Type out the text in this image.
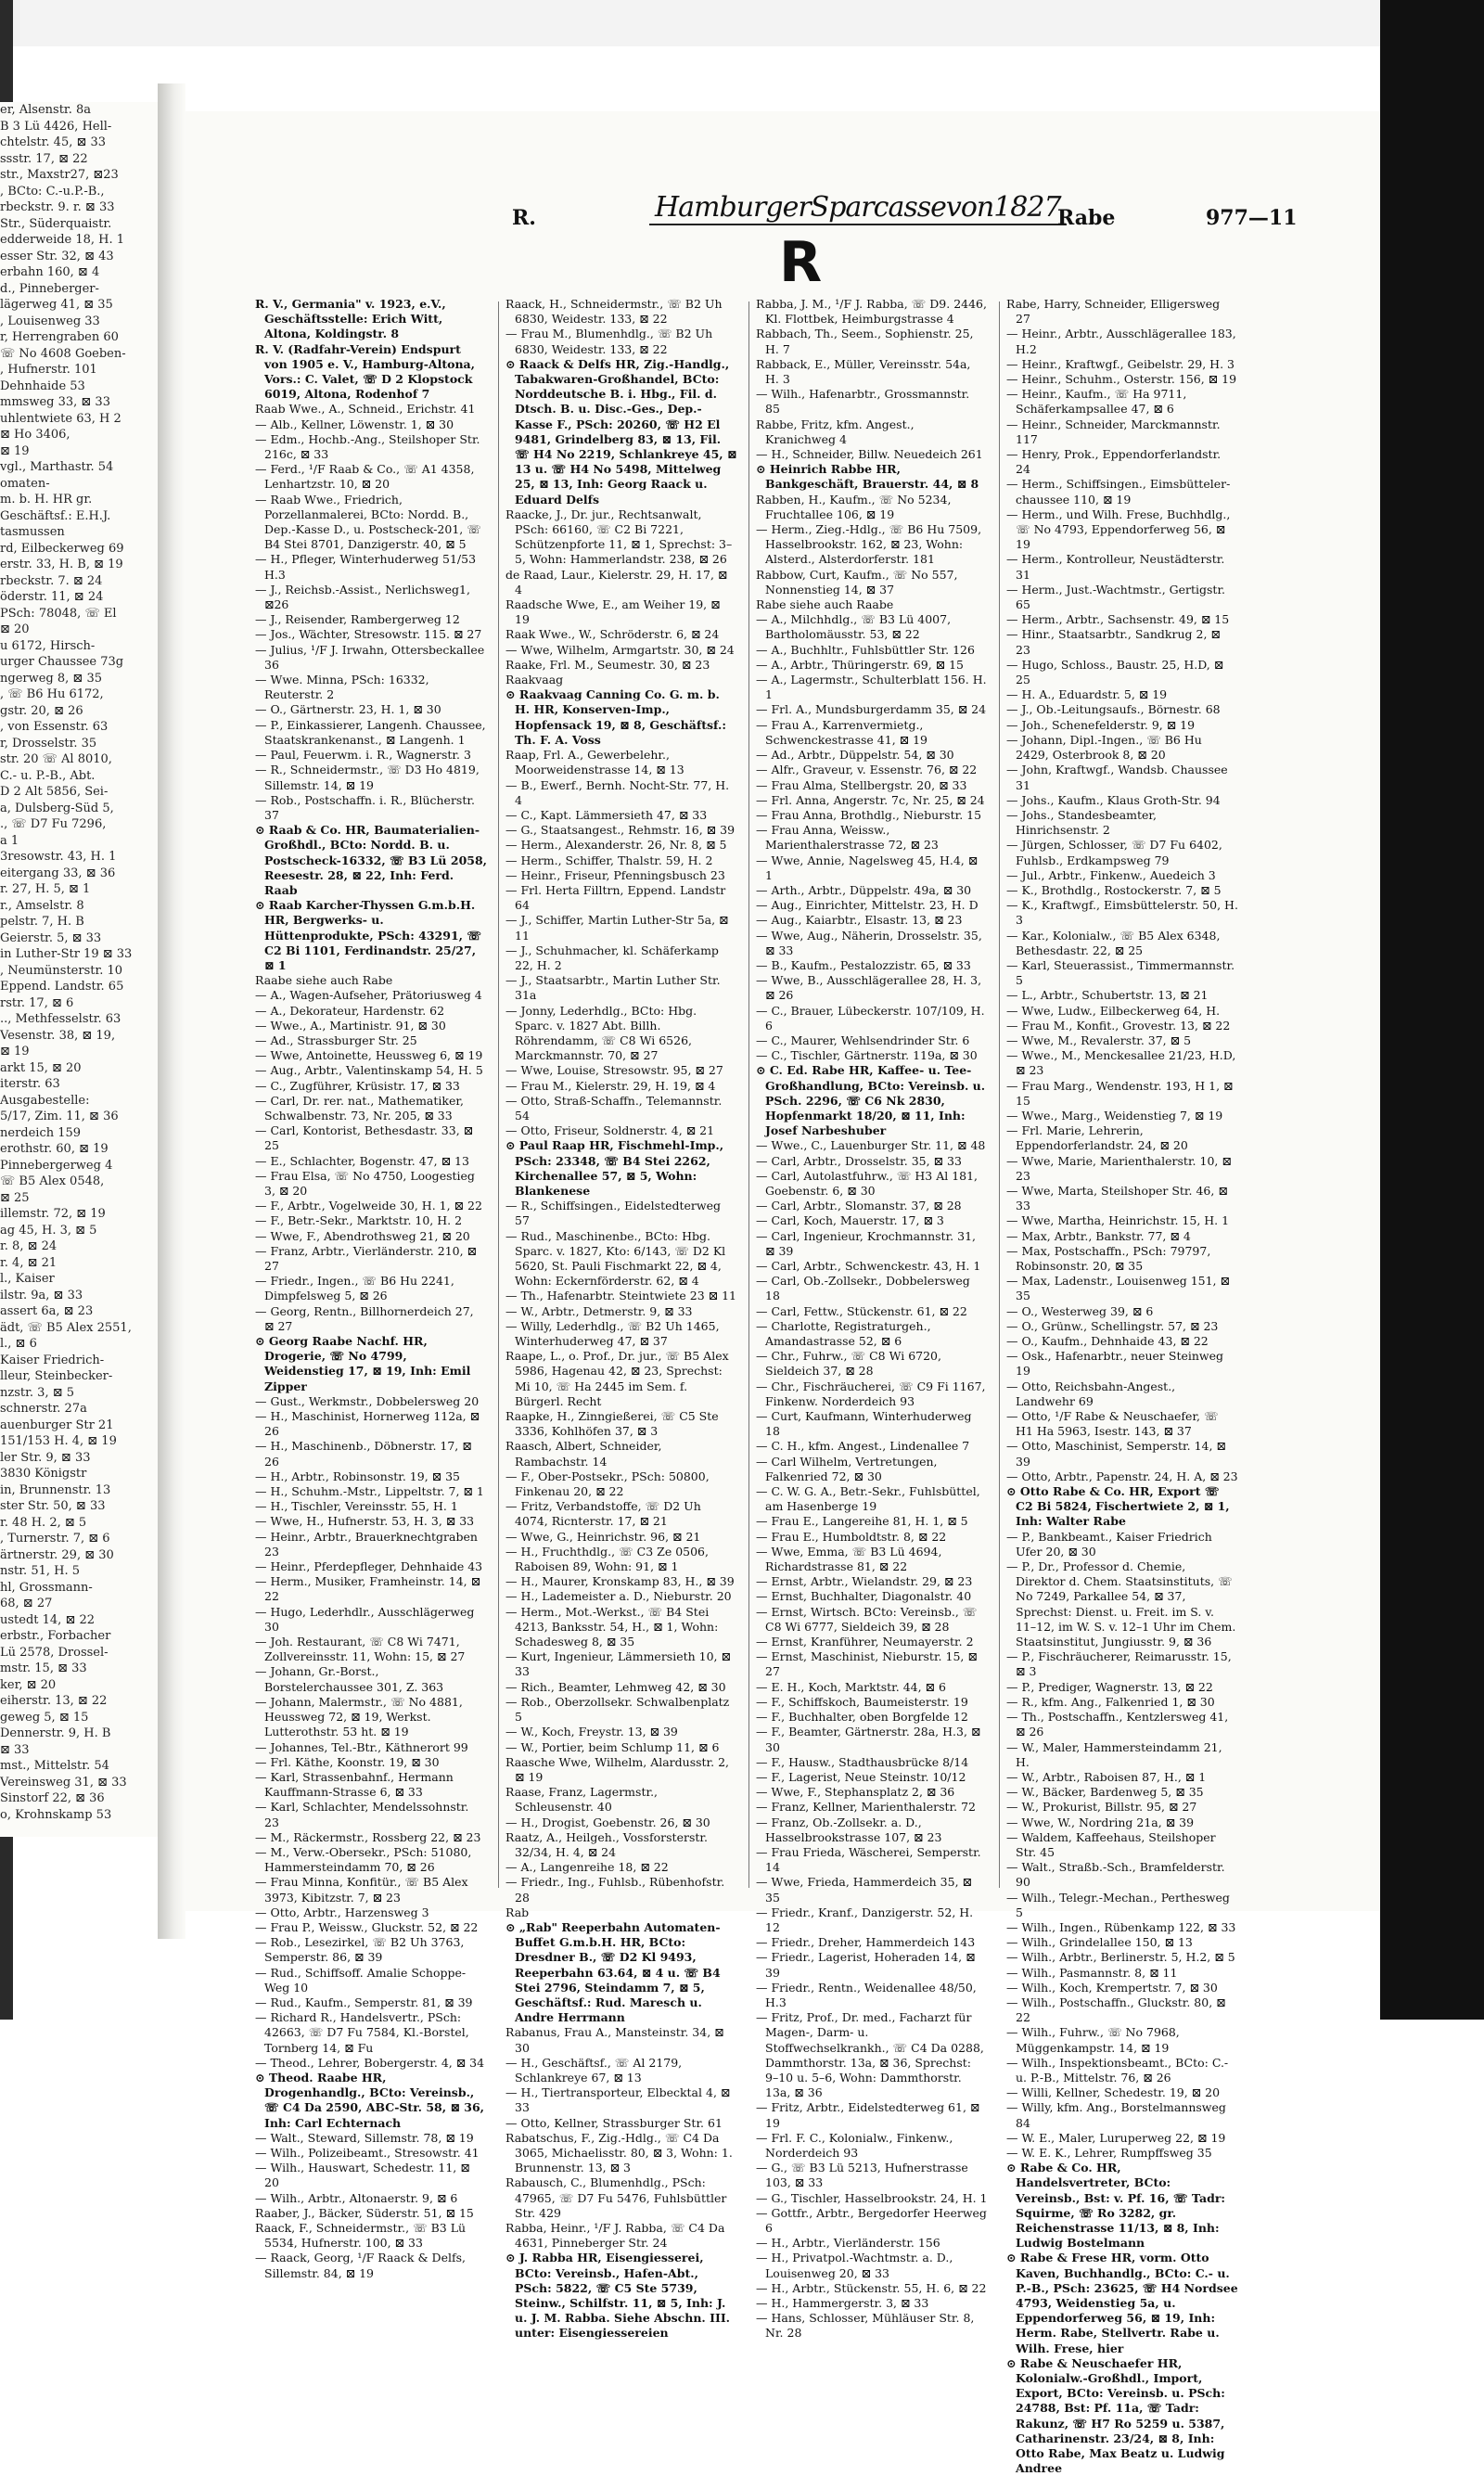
er, Alsenstr. 8a
B 3 Lü 4426, Hell-
chtelstr. 45, ⊠ 33
ssstr. 17, ⊠ 22
str., Maxstr27, ⊠23
, BCto: C.-u.P.-B.,
rbeckstr. 9. r. ⊠ 33
Str., Süderquaistr.
edderweide 18, H. 1
esser Str. 32, ⊠ 43
erbahn 160, ⊠ 4
d., Pinneberger-
lägerweg 41, ⊠ 35
, Louisenweg 33
r, Herrengraben 60
☏ No 4608 Goeben-
, Hufnerstr. 101
Dehnhaide 53
mmsweg 33, ⊠ 33
uhlentwiete 63, H 2
⊠ Ho 3406,
⊠ 19
vgl., Marthastr. 54
omaten-
m. b. H. HR gr.
Geschäftsf.: E.H.J.
tasmussen
rd, Eilbeckerweg 69
erstr. 33, H. B, ⊠ 19
rbeckstr. 7. ⊠ 24
öderstr. 11, ⊠ 24
PSch: 78048, ☏ El
⊠ 20
u 6172, Hirsch-
urger Chaussee 73g
ngerweg 8, ⊠ 35
, ☏ B6 Hu 6172,
gstr. 20, ⊠ 26
, von Essenstr. 63
r, Drosselstr. 35
str. 20 ☏ Al 8010,
C.- u. P.-B., Abt.
D 2 Alt 5856, Sei-
a, Dulsberg-Süd 5,
., ☏ D7 Fu 7296,
a 1
3resowstr. 43, H. 1
eitergang 33, ⊠ 36
r. 27, H. 5, ⊠ 1
r., Amselstr. 8
pelstr. 7, H. B
Geierstr. 5, ⊠ 33
in Luther-Str 19 ⊠ 33
, Neumünsterstr. 10
Eppend. Landstr. 65
rstr. 17, ⊠ 6
.., Methfesselstr. 63
Vesenstr. 38, ⊠ 19,
⊠ 19
arkt 15, ⊠ 20
iterstr. 63
Ausgabestelle:
5/17, Zim. 11, ⊠ 36
nerdeich 159
erothstr. 60, ⊠ 19
Pinnebergerweg 4
☏ B5 Alex 0548,
⊠ 25
illemstr. 72, ⊠ 19
ag 45, H. 3, ⊠ 5
r. 8, ⊠ 24
r. 4, ⊠ 21
l., Kaiser
ilstr. 9a, ⊠ 33
assert 6a, ⊠ 23
ädt, ☏ B5 Alex 2551,
l., ⊠ 6
Kaiser Friedrich-
lleur, Steinbecker-
nzstr. 3, ⊠ 5
schnerstr. 27a
auenburger Str 21
151/153 H. 4, ⊠ 19
ler Str. 9, ⊠ 33
3830 Königstr
in, Brunnenstr. 13
ster Str. 50, ⊠ 33
r. 48 H. 2, ⊠ 5
, Turnerstr. 7, ⊠ 6
ärtnerstr. 29, ⊠ 30
nstr. 51, H. 5
hl, Grossmann-
68, ⊠ 27
ustedt 14, ⊠ 22
erbstr., Forbacher
Lü 2578, Drossel-
mstr. 15, ⊠ 33
ker, ⊠ 20
eiherstr. 13, ⊠ 22
geweg 5, ⊠ 15
Dennerstr. 9, H. B
⊠ 33
mst., Mittelstr. 54
Vereinsweg 31, ⊠ 33
Sinstorf 22, ⊠ 36
o, Krohnskamp 53
R.	HamburgerSparcassevon1827
Rabe	977—11
R

R. V., Germania" v. 1923, e.V., Geschäftsstelle: Erich Witt, Altona, Koldingstr. 8

R. V. (Radfahr-Verein) Endspurt von 1905 e. V., Hamburg-Altona, Vors.: C. Valet, ☏ D 2 Klopstock 6019, Altona, Rodenhof 7

Raab Wwe., A., Schneid., Erichstr. 41

— Alb., Kellner, Löwenstr. 1, ⊠ 30

— Edm., Hochb.-Ang., Steilshoper Str. 216c, ⊠ 33

— Ferd., ¹/F Raab & Co., ☏ A1 4358, Lenhartzstr. 10, ⊠ 20

— Raab Wwe., Friedrich, Porzellanmalerei, BCto: Nordd. B., Dep.-Kasse D., u. Postscheck-201, ☏ B4 Stei 8701, Danzigerstr. 40, ⊠ 5

— H., Pfleger, Winterhuderweg 51/53 H.3

— J., Reichsb.-Assist., Nerlichsweg1, ⊠26

— J., Reisender, Rambergerweg 12

— Jos., Wächter, Stresowstr. 115. ⊠ 27

— Julius, ¹/F J. Irwahn, Ottersbeckallee 36

— Wwe. Minna, PSch: 16332, Reuterstr. 2

— O., Gärtnerstr. 23, H. 1, ⊠ 30

— P., Einkassierer, Langenh. Chaussee, Staatskrankenanst., ⊠ Langenh. 1

— Paul, Feuerwm. i. R., Wagnerstr. 3

— R., Schneidermstr., ☏ D3 Ho 4819, Sillemstr. 14, ⊠ 19

— Rob., Postschaffn. i. R., Blücherstr. 37

⊙ Raab & Co. HR, Baumaterialien-Großhdl., BCto: Nordd. B. u. Postscheck-16332, ☏ B3 Lü 2058, Reesestr. 28, ⊠ 22, Inh: Ferd. Raab

⊙ Raab Karcher-Thyssen G.m.b.H. HR, Bergwerks- u. Hüttenprodukte, PSch: 43291, ☏ C2 Bi 1101, Ferdinandstr. 25/27, ⊠ 1

Raabe siehe auch Rabe

— A., Wagen-Aufseher, Prätoriusweg 4

— A., Dekorateur, Hardenstr. 62

— Wwe., A., Martinistr. 91, ⊠ 30

— Ad., Strassburger Str. 25

— Wwe, Antoinette, Heussweg 6, ⊠ 19

— Aug., Arbtr., Valentinskamp 54, H. 5

— C., Zugführer, Krüsistr. 17, ⊠ 33

— Carl, Dr. rer. nat., Mathematiker, Schwalbenstr. 73, Nr. 205, ⊠ 33

— Carl, Kontorist, Bethesdastr. 33, ⊠ 25

— E., Schlachter, Bogenstr. 47, ⊠ 13

— Frau Elsa, ☏ No 4750, Loogestieg 3, ⊠ 20

— F., Arbtr., Vogelweide 30, H. 1, ⊠ 22

— F., Betr.-Sekr., Marktstr. 10, H. 2

— Wwe, F., Abendrothsweg 21, ⊠ 20

— Franz, Arbtr., Vierländerstr. 210, ⊠ 27

— Friedr., Ingen., ☏ B6 Hu 2241, Dimpfelsweg 5, ⊠ 26

— Georg, Rentn., Billhornerdeich 27, ⊠ 27

⊙ Georg Raabe Nachf. HR, Drogerie, ☏ No 4799, Weidenstieg 17, ⊠ 19, Inh: Emil Zipper

— Gust., Werkmstr., Dobbelersweg 20

— H., Maschinist, Hornerweg 112a, ⊠ 26

— H., Maschinenb., Döbnerstr. 17, ⊠ 26

— H., Arbtr., Robinsonstr. 19, ⊠ 35

— H., Schuhm.-Mstr., Lippeltstr. 7, ⊠ 1

— H., Tischler, Vereinsstr. 55, H. 1

— Wwe, H., Hufnerstr. 53, H. 3, ⊠ 33

— Heinr., Arbtr., Brauerknechtgraben 23

— Heinr., Pferdepfleger, Dehnhaide 43

— Herm., Musiker, Framheinstr. 14, ⊠ 22

— Hugo, Lederhdlr., Ausschlägerweg 30

— Joh. Restaurant, ☏ C8 Wi 7471, Zollvereinsstr. 11, Wohn: 15, ⊠ 27

— Johann, Gr.-Borst., Borstelerchaussee 301, Z. 363

— Johann, Malermstr., ☏ No 4881, Heussweg 72, ⊠ 19, Werkst. Lutterothstr. 53 ht. ⊠ 19

— Johannes, Tel.-Btr., Käthnerort 99

— Frl. Käthe, Koonstr. 19, ⊠ 30

— Karl, Strassenbahnf., Hermann Kauffmann-Strasse 6, ⊠ 33

— Karl, Schlachter, Mendelssohnstr. 23

— M., Räckermstr., Rossberg 22, ⊠ 23

— M., Verw.-Obersekr., PSch: 51080, Hammersteindamm 70, ⊠ 26

— Frau Minna, Konfitür., ☏ B5 Alex 3973, Kibitzstr. 7, ⊠ 23

— Otto, Arbtr., Harzensweg 3

— Frau P., Weissw., Gluckstr. 52, ⊠ 22

— Rob., Lesezirkel, ☏ B2 Uh 3763, Semperstr. 86, ⊠ 39

— Rud., Schiffsoff. Amalie Schoppe-Weg 10

— Rud., Kaufm., Semperstr. 81, ⊠ 39

— Richard R., Handelsvertr., PSch: 42663, ☏ D7 Fu 7584, Kl.-Borstel, Tornberg 14, ⊠ Fu

— Theod., Lehrer, Bobergerstr. 4, ⊠ 34

⊙ Theod. Raabe HR, Drogenhandlg., BCto: Vereinsb., ☏ C4 Da 2590, ABC-Str. 58, ⊠ 36, Inh: Carl Echternach

— Walt., Steward, Sillemstr. 78, ⊠ 19

— Wilh., Polizeibeamt., Stresowstr. 41

— Wilh., Hauswart, Schedestr. 11, ⊠ 20

— Wilh., Arbtr., Altonaerstr. 9, ⊠ 6

Raaber, J., Bäcker, Süderstr. 51, ⊠ 15

Raack, F., Schneidermstr., ☏ B3 Lü 5534, Hufnerstr. 100, ⊠ 33

— Raack, Georg, ¹/F Raack & Delfs, Sillemstr. 84, ⊠ 19

Raack, H., Schneidermstr., ☏ B2 Uh 6830, Weidestr. 133, ⊠ 22

— Frau M., Blumenhdlg., ☏ B2 Uh 6830, Weidestr. 133, ⊠ 22

⊙ Raack & Delfs HR, Zig.-Handlg., Tabakwaren-Großhandel, BCto: Norddeutsche B. i. Hbg., Fil. d. Dtsch. B. u. Disc.-Ges., Dep.-Kasse F., PSch: 20260, ☏ H2 El 9481, Grindelberg 83, ⊠ 13, Fil. ☏ H4 No 2219, Schlankreye 45, ⊠ 13 u. ☏ H4 No 5498, Mittelweg 25, ⊠ 13, Inh: Georg Raack u. Eduard Delfs

Raacke, J., Dr. jur., Rechtsanwalt, PSch: 66160, ☏ C2 Bi 7221, Schützenpforte 11, ⊠ 1, Sprechst: 3–5, Wohn: Hammerlandstr. 238, ⊠ 26

de Raad, Laur., Kielerstr. 29, H. 17, ⊠ 4

Raadsche Wwe, E., am Weiher 19, ⊠ 19

Raak Wwe., W., Schröderstr. 6, ⊠ 24

— Wwe, Wilhelm, Armgartstr. 30, ⊠ 24

Raake, Frl. M., Seumestr. 30, ⊠ 23

Raakvaag

⊙ Raakvaag Canning Co. G. m. b. H. HR, Konserven-Imp., Hopfensack 19, ⊠ 8, Geschäftsf.: Th. F. A. Voss

Raap, Frl. A., Gewerbelehr., Moorweidenstrasse 14, ⊠ 13

— B., Ewerf., Bernh. Nocht-Str. 77, H. 4

— C., Kapt. Lämmersieth 47, ⊠ 33

— G., Staatsangest., Rehmstr. 16, ⊠ 39

— Herm., Alexanderstr. 26, Nr. 8, ⊠ 5

— Herm., Schiffer, Thalstr. 59, H. 2

— Heinr., Friseur, Pfenningsbusch 23

— Frl. Herta Filltrn, Eppend. Landstr 64

— J., Schiffer, Martin Luther-Str 5a, ⊠ 11

— J., Schuhmacher, kl. Schäferkamp 22, H. 2

— J., Staatsarbtr., Martin Luther Str. 31a

— Jonny, Lederhdlg., BCto: Hbg. Sparc. v. 1827 Abt. Billh. Röhrendamm, ☏ C8 Wi 6526, Marckmannstr. 70, ⊠ 27

— Wwe, Louise, Stresowstr. 95, ⊠ 27

— Frau M., Kielerstr. 29, H. 19, ⊠ 4

— Otto, Straß-Schaffn., Telemannstr. 54

— Otto, Friseur, Soldnerstr. 4, ⊠ 21

⊙ Paul Raap HR, Fischmehl-Imp., PSch: 23348, ☏ B4 Stei 2262, Kirchenallee 57, ⊠ 5, Wohn: Blankenese

— R., Schiffsingen., Eidelstedterweg 57

— Rud., Maschinenbe., BCto: Hbg. Sparc. v. 1827, Kto: 6/143, ☏ D2 Kl 5620, St. Pauli Fischmarkt 22, ⊠ 4, Wohn: Eckernförderstr. 62, ⊠ 4

— Th., Hafenarbtr. Steintwiete 23 ⊠ 11

— W., Arbtr., Detmerstr. 9, ⊠ 33

— Willy, Lederhdlg., ☏ B2 Uh 1465, Winterhuderweg 47, ⊠ 37

Raape, L., o. Prof., Dr. jur., ☏ B5 Alex 5986, Hagenau 42, ⊠ 23, Sprechst: Mi 10, ☏ Ha 2445 im Sem. f. Bürgerl. Recht

Raapke, H., Zinngießerei, ☏ C5 Ste 3336, Kohlhöfen 37, ⊠ 3

Raasch, Albert, Schneider, Rambachstr. 14

— F., Ober-Postsekr., PSch: 50800, Finkenau 20, ⊠ 22

— Fritz, Verbandstoffe, ☏ D2 Uh 4074, Ricnterstr. 17, ⊠ 21

— Wwe, G., Heinrichstr. 96, ⊠ 21

— H., Fruchthdlg., ☏ C3 Ze 0506, Raboisen 89, Wohn: 91, ⊠ 1

— H., Maurer, Kronskamp 83, H., ⊠ 39

— H., Lademeister a. D., Nieburstr. 20

— Herm., Mot.-Werkst., ☏ B4 Stei 4213, Banksstr. 54, H., ⊠ 1, Wohn: Schadesweg 8, ⊠ 35

— Kurt, Ingenieur, Lämmersieth 10, ⊠ 33

— Rich., Beamter, Lehmweg 42, ⊠ 30

— Rob., Oberzollsekr. Schwalbenplatz 5

— W., Koch, Freystr. 13, ⊠ 39

— W., Portier, beim Schlump 11, ⊠ 6

Raasche Wwe, Wilhelm, Alardusstr. 2, ⊠ 19

Raase, Franz, Lagermstr., Schleusenstr. 40

— H., Drogist, Goebenstr. 26, ⊠ 30

Raatz, A., Heilgeh., Vossforsterstr. 32/34, H. 4, ⊠ 24

— A., Langenreihe 18, ⊠ 22

— Friedr., Ing., Fuhlsb., Rübenhofstr. 28

Rab

⊙ „Rab" Reeperbahn Automaten-Buffet G.m.b.H. HR, BCto: Dresdner B., ☏ D2 Kl 9493, Reeperbahn 63.64, ⊠ 4 u. ☏ B4 Stei 2796, Steindamm 7, ⊠ 5, Geschäftsf.: Rud. Maresch u. Andre Herrmann

Rabanus, Frau A., Mansteinstr. 34, ⊠ 30

— H., Geschäftsf., ☏ Al 2179, Schlankreye 67, ⊠ 13

— H., Tiertransporteur, Elbecktal 4, ⊠ 33

— Otto, Kellner, Strassburger Str. 61

Rabatschus, F., Zig.-Hdlg., ☏ C4 Da 3065, Michaelisstr. 80, ⊠ 3, Wohn: 1. Brunnenstr. 13, ⊠ 3

Rabausch, C., Blumenhdlg., PSch: 47965, ☏ D7 Fu 5476, Fuhlsbüttler Str. 429

Rabba, Heinr., ¹/F J. Rabba, ☏ C4 Da 4631, Pinneberger Str. 24

⊙ J. Rabba HR, Eisengiesserei, BCto: Vereinsb., Hafen-Abt., PSch: 5822, ☏ C5 Ste 5739, Steinw., Schilfstr. 11, ⊠ 5, Inh: J. u. J. M. Rabba. Siehe Abschn. III. unter: Eisengiessereien

Rabba, J. M., ¹/F J. Rabba, ☏ D9. 2446, Kl. Flottbek, Heimburgstrasse 4

Rabbach, Th., Seem., Sophienstr. 25, H. 7

Rabback, E., Müller, Vereinsstr. 54a, H. 3

— Wilh., Hafenarbtr., Grossmannstr. 85

Rabbe, Fritz, kfm. Angest., Kranichweg 4

— H., Schneider, Billw. Neuedeich 261

⊙ Heinrich Rabbe HR, Bankgeschäft, Brauerstr. 44, ⊠ 8

Rabben, H., Kaufm., ☏ No 5234, Fruchtallee 106, ⊠ 19

— Herm., Zieg.-Hdlg., ☏ B6 Hu 7509, Hasselbrookstr. 162, ⊠ 23, Wohn: Alsterd., Alsterdorferstr. 181

Rabbow, Curt, Kaufm., ☏ No 557, Nonnenstieg 14, ⊠ 37

Rabe siehe auch Raabe

— A., Milchhdlg., ☏ B3 Lü 4007, Bartholomäusstr. 53, ⊠ 22

— A., Buchhltr., Fuhlsbüttler Str. 126

— A., Arbtr., Thüringerstr. 69, ⊠ 15

— A., Lagermstr., Schulterblatt 156. H. 1

— Frl. A., Mundsburgerdamm 35, ⊠ 24

— Frau A., Karrenvermietg., Schwenckestrasse 41, ⊠ 19

— Ad., Arbtr., Düppelstr. 54, ⊠ 30

— Alfr., Graveur, v. Essenstr. 76, ⊠ 22

— Frau Alma, Stellbergstr. 20, ⊠ 33

— Frl. Anna, Angerstr. 7c, Nr. 25, ⊠ 24

— Frau Anna, Brothdlg., Nieburstr. 15

— Frau Anna, Weissw., Marienthalerstrasse 72, ⊠ 23

— Wwe, Annie, Nagelsweg 45, H.4, ⊠ 1

— Arth., Arbtr., Düppelstr. 49a, ⊠ 30

— Aug., Einrichter, Mittelstr. 23, H. D

— Aug., Kaiarbtr., Elsastr. 13, ⊠ 23

— Wwe, Aug., Näherin, Drosselstr. 35, ⊠ 33

— B., Kaufm., Pestalozzistr. 65, ⊠ 33

— Wwe, B., Ausschlägerallee 28, H. 3, ⊠ 26

— C., Brauer, Lübeckerstr. 107/109, H. 6

— C., Maurer, Wehlsendrinder Str. 6

— C., Tischler, Gärtnerstr. 119a, ⊠ 30

⊙ C. Ed. Rabe HR, Kaffee- u. Tee-Großhandlung, BCto: Vereinsb. u. PSch. 2296, ☏ C6 Nk 2830, Hopfenmarkt 18/20, ⊠ 11, Inh: Josef Narbeshuber

— Wwe., C., Lauenburger Str. 11, ⊠ 48

— Carl, Arbtr., Drosselstr. 35, ⊠ 33

— Carl, Autolastfuhrw., ☏ H3 Al 181, Goebenstr. 6, ⊠ 30

— Carl, Arbtr., Slomanstr. 37, ⊠ 28

— Carl, Koch, Mauerstr. 17, ⊠ 3

— Carl, Ingenieur, Krochmannstr. 31, ⊠ 39

— Carl, Arbtr., Schwenckestr. 43, H. 1

— Carl, Ob.-Zollsekr., Dobbelersweg 18

— Carl, Fettw., Stückenstr. 61, ⊠ 22

— Charlotte, Registraturgeh., Amandastrasse 52, ⊠ 6

— Chr., Fuhrw., ☏ C8 Wi 6720, Sieldeich 37, ⊠ 28

— Chr., Fischräucherei, ☏ C9 Fi 1167, Finkenw. Norderdeich 93

— Curt, Kaufmann, Winterhuderweg 18

— C. H., kfm. Angest., Lindenallee 7

— Carl Wilhelm, Vertretungen, Falkenried 72, ⊠ 30

— C. W. G. A., Betr.-Sekr., Fuhlsbüttel, am Hasenberge 19

— Frau E., Langereihe 81, H. 1, ⊠ 5

— Frau E., Humboldtstr. 8, ⊠ 22

— Wwe, Emma, ☏ B3 Lü 4694, Richardstrasse 81, ⊠ 22

— Ernst, Arbtr., Wielandstr. 29, ⊠ 23

— Ernst, Buchhalter, Diagonalstr. 40

— Ernst, Wirtsch. BCto: Vereinsb., ☏ C8 Wi 6777, Sieldeich 39, ⊠ 28

— Ernst, Kranführer, Neumayerstr. 2

— Ernst, Maschinist, Nieburstr. 15, ⊠ 27

— E. H., Koch, Marktstr. 44, ⊠ 6

— F., Schiffskoch, Baumeisterstr. 19

— F., Buchhalter, oben Borgfelde 12

— F., Beamter, Gärtnerstr. 28a, H.3, ⊠ 30

— F., Hausw., Stadthausbrücke 8/14

— F., Lagerist, Neue Steinstr. 10/12

— Wwe, F., Stephansplatz 2, ⊠ 36

— Franz, Kellner, Marienthalerstr. 72

— Franz, Ob.-Zollsekr. a. D., Hasselbrookstrasse 107, ⊠ 23

— Frau Frieda, Wäscherei, Semperstr. 14

— Wwe, Frieda, Hammerdeich 35, ⊠ 35

— Friedr., Kranf., Danzigerstr. 52, H. 12

— Friedr., Dreher, Hammerdeich 143

— Friedr., Lagerist, Hoheraden 14, ⊠ 39

— Friedr., Rentn., Weidenallee 48/50, H.3

— Fritz, Prof., Dr. med., Facharzt für Magen-, Darm- u. Stoffwechselkrankh., ☏ C4 Da 0288, Dammthorstr. 13a, ⊠ 36, Sprechst: 9–10 u. 5–6, Wohn: Dammthorstr. 13a, ⊠ 36

— Fritz, Arbtr., Eidelstedterweg 61, ⊠ 19

— Frl. F. C., Kolonialw., Finkenw., Norderdeich 93

— G., ☏ B3 Lü 5213, Hufnerstrasse 103, ⊠ 33

— G., Tischler, Hasselbrookstr. 24, H. 1

— Gottfr., Arbtr., Bergedorfer Heerweg 6

— H., Arbtr., Vierländerstr. 156

— H., Privatpol.-Wachtmstr. a. D., Louisenweg 20, ⊠ 33

— H., Arbtr., Stückenstr. 55, H. 6, ⊠ 22

— H., Hammergerstr. 3, ⊠ 33

— Hans, Schlosser, Mühläuser Str. 8, Nr. 28

Rabe, Harry, Schneider, Elligersweg 27

— Heinr., Arbtr., Ausschlägerallee 183, H.2

— Heinr., Kraftwgf., Geibelstr. 29, H. 3

— Heinr., Schuhm., Osterstr. 156, ⊠ 19

— Heinr., Kaufm., ☏ Ha 9711, Schäferkampsallee 47, ⊠ 6

— Heinr., Schneider, Marckmannstr. 117

— Henry, Prok., Eppendorferlandstr. 24

— Herm., Schiffsingen., Eimsbütteler-chaussee 110, ⊠ 19

— Herm., und Wilh. Frese, Buchhdlg., ☏ No 4793, Eppendorferweg 56, ⊠ 19

— Herm., Kontrolleur, Neustädterstr. 31

— Herm., Just.-Wachtmstr., Gertigstr. 65

— Herm., Arbtr., Sachsenstr. 49, ⊠ 15

— Hinr., Staatsarbtr., Sandkrug 2, ⊠ 23

— Hugo, Schloss., Baustr. 25, H.D, ⊠ 25

— H. A., Eduardstr. 5, ⊠ 19

— J., Ob.-Leitungsaufs., Börnestr. 68

— Joh., Schenefelderstr. 9, ⊠ 19

— Johann, Dipl.-Ingen., ☏ B6 Hu 2429, Osterbrook 8, ⊠ 20

— John, Kraftwgf., Wandsb. Chaussee 31

— Johs., Kaufm., Klaus Groth-Str. 94

— Johs., Standesbeamter, Hinrichsenstr. 2

— Jürgen, Schlosser, ☏ D7 Fu 6402, Fuhlsb., Erdkampsweg 79

— Jul., Arbtr., Finkenw., Auedeich 3

— K., Brothdlg., Rostockerstr. 7, ⊠ 5

— K., Kraftwgf., Eimsbüttelerstr. 50, H. 3

— Kar., Kolonialw., ☏ B5 Alex 6348, Bethesdastr. 22, ⊠ 25

— Karl, Steuerassist., Timmermannstr. 5

— L., Arbtr., Schubertstr. 13, ⊠ 21

— Wwe, Ludw., Eilbeckerweg 64, H.

— Frau M., Konfit., Grovestr. 13, ⊠ 22

— Wwe, M., Revalerstr. 37, ⊠ 5

— Wwe., M., Menckesallee 21/23, H.D, ⊠ 23

— Frau Marg., Wendenstr. 193, H 1, ⊠ 15

— Wwe., Marg., Weidenstieg 7, ⊠ 19

— Frl. Marie, Lehrerin, Eppendorferlandstr. 24, ⊠ 20

— Wwe, Marie, Marienthalerstr. 10, ⊠ 23

— Wwe, Marta, Steilshoper Str. 46, ⊠ 33

— Wwe, Martha, Heinrichstr. 15, H. 1

— Max, Arbtr., Bankstr. 77, ⊠ 4

— Max, Postschaffn., PSch: 79797, Robinsonstr. 20, ⊠ 35

— Max, Ladenstr., Louisenweg 151, ⊠ 35

— O., Westerweg 39, ⊠ 6

— O., Grünw., Schellingstr. 57, ⊠ 23

— O., Kaufm., Dehnhaide 43, ⊠ 22

— Osk., Hafenarbtr., neuer Steinweg 19

— Otto, Reichsbahn-Angest., Landwehr 69

— Otto, ¹/F Rabe & Neuschaefer, ☏ H1 Ha 5963, Isestr. 143, ⊠ 37

— Otto, Maschinist, Semperstr. 14, ⊠ 39

— Otto, Arbtr., Papenstr. 24, H. A, ⊠ 23

⊙ Otto Rabe & Co. HR, Export ☏ C2 Bi 5824, Fischertwiete 2, ⊠ 1, Inh: Walter Rabe

— P., Bankbeamt., Kaiser Friedrich Ufer 20, ⊠ 30

— P., Dr., Professor d. Chemie, Direktor d. Chem. Staatsinstituts, ☏ No 7249, Parkallee 54, ⊠ 37, Sprechst: Dienst. u. Freit. im S. v. 11–12, im W. S. v. 12–1 Uhr im Chem. Staatsinstitut, Jungiusstr. 9, ⊠ 36

— P., Fischräucherer, Reimarusstr. 15, ⊠ 3

— P., Prediger, Wagnerstr. 13, ⊠ 22

— R., kfm. Ang., Falkenried 1, ⊠ 30

— Th., Postschaffn., Kentzlersweg 41, ⊠ 26

— W., Maler, Hammersteindamm 21, H.

— W., Arbtr., Raboisen 87, H., ⊠ 1

— W., Bäcker, Bardenweg 5, ⊠ 35

— W., Prokurist, Billstr. 95, ⊠ 27

— Wwe, W., Nordring 21a, ⊠ 39

— Waldem, Kaffeehaus, Steilshoper Str. 45

— Walt., Straßb.-Sch., Bramfelderstr. 90

— Wilh., Telegr.-Mechan., Perthesweg 5

— Wilh., Ingen., Rübenkamp 122, ⊠ 33

— Wilh., Grindelallee 150, ⊠ 13

— Wilh., Arbtr., Berlinerstr. 5, H.2, ⊠ 5

— Wilh., Pasmannstr. 8, ⊠ 11

— Wilh., Koch, Krempertstr. 7, ⊠ 30

— Wilh., Postschaffn., Gluckstr. 80, ⊠ 22

— Wilh., Fuhrw., ☏ No 7968, Müggenkampstr. 14, ⊠ 19

— Wilh., Inspektionsbeamt., BCto: C.- u. P.-B., Mittelstr. 76, ⊠ 26

— Willi, Kellner, Schedestr. 19, ⊠ 20

— Willy, kfm. Ang., Borstelmannsweg 84

— W. E., Maler, Luruperweg 22, ⊠ 19

— W. E. K., Lehrer, Rumpffsweg 35

⊙ Rabe & Co. HR, Handelsvertreter, BCto: Vereinsb., Bst: v. Pf. 16, ☏ Tadr: Squirme, ☏ Ro 3282, gr. Reichenstrasse 11/13, ⊠ 8, Inh: Ludwig Bostelmann

⊙ Rabe & Frese HR, vorm. Otto Kaven, Buchhandlg., BCto: C.- u. P.-B., PSch: 23625, ☏ H4 Nordsee 4793, Weidenstieg 5a, u. Eppendorferweg 56, ⊠ 19, Inh: Herm. Rabe, Stellvertr. Rabe u. Wilh. Frese, hier

⊙ Rabe & Neuschaefer HR, Kolonialw.-Großhdl., Import, Export, BCto: Vereinsb. u. PSch: 24788, Bst: Pf. 11a, ☏ Tadr: Rakunz, ☏ H7 Ro 5259 u. 5387, Catharinenstr. 23/24, ⊠ 8, Inh: Otto Rabe, Max Beatz u. Ludwig Andree
